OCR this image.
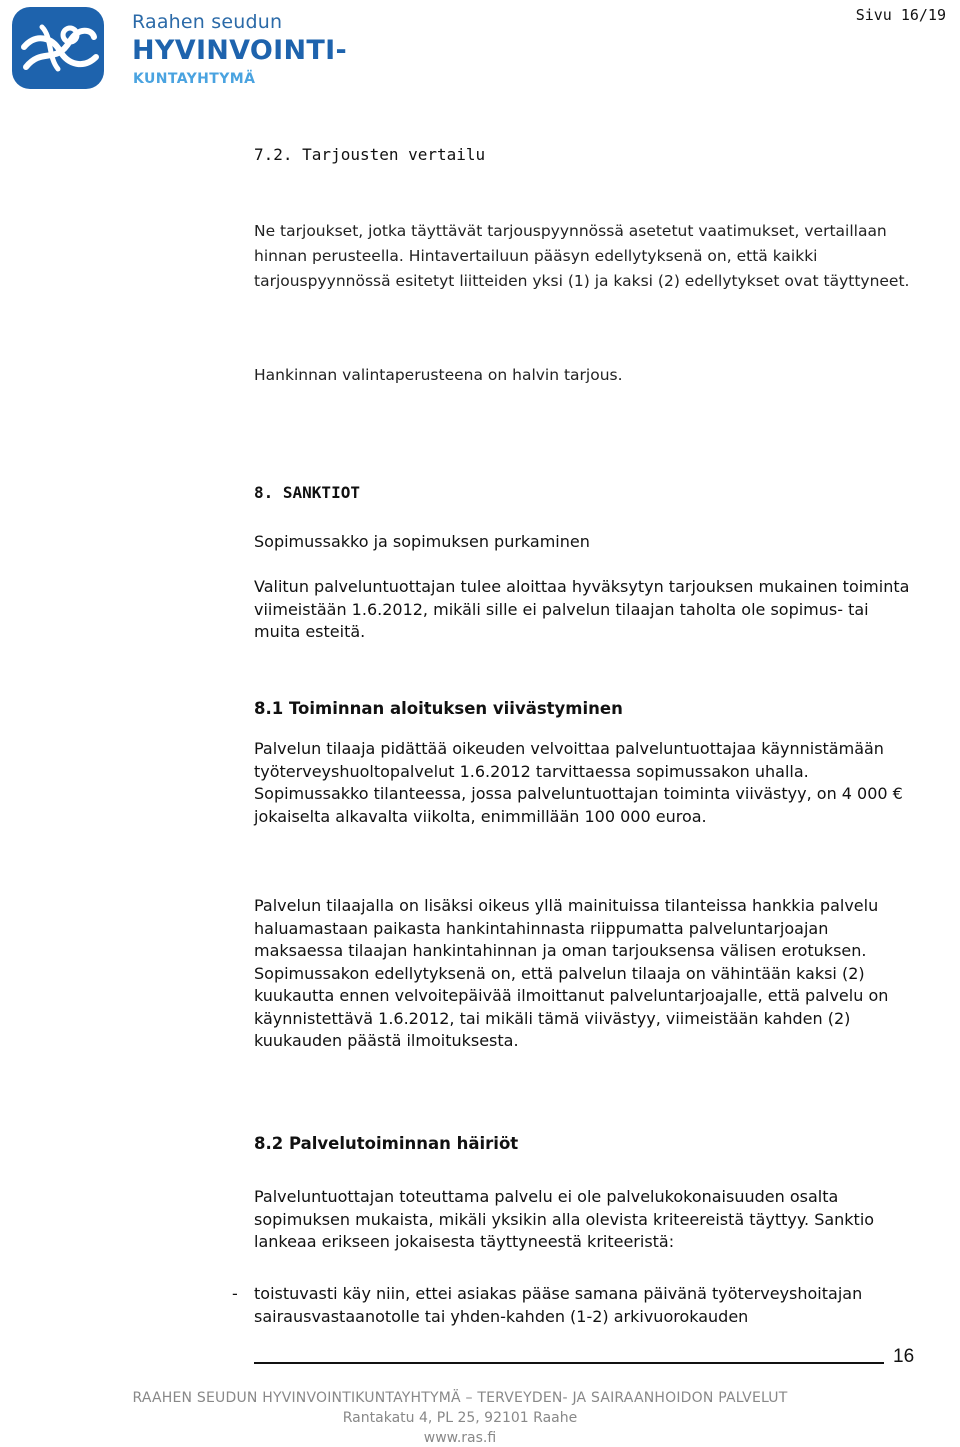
Sivu 16/19
Raahen seudun
HYVINVOINTI-
KUNTAYHTYMÄ
7.2. Tarjousten vertailu
Ne tarjoukset, jotka täyttävät tarjouspyynnössä asetetut vaatimukset, vertaillaan hinnan perusteella. Hintavertailuun pääsyn edellytyksenä on, että kaikki tarjouspyynnössä esitetyt liitteiden yksi (1) ja kaksi (2) edellytykset ovat täyttyneet.
Hankinnan valintaperusteena on halvin tarjous.
8. SANKTIOT
Sopimussakko ja sopimuksen purkaminen
Valitun palveluntuottajan tulee aloittaa hyväksytyn tarjouksen mukainen toiminta viimeistään 1.6.2012, mikäli sille ei palvelun tilaajan taholta ole sopimus- tai muita esteitä.
8.1 Toiminnan aloituksen viivästyminen
Palvelun tilaaja pidättää oikeuden velvoittaa palveluntuottajaa käynnistämään työterveyshuoltopalvelut 1.6.2012 tarvittaessa sopimussakon uhalla. Sopimussakko tilanteessa, jossa palveluntuottajan toiminta viivästyy, on 4 000 € jokaiselta alkavalta viikolta, enimmillään 100 000 euroa.
Palvelun tilaajalla on lisäksi oikeus yllä mainituissa tilanteissa hankkia palvelu haluamastaan paikasta hankintahinnasta riippumatta palveluntarjoajan maksaessa tilaajan hankintahinnan ja oman tarjouksensa välisen erotuksen. Sopimussakon edellytyksenä on, että palvelun tilaaja on vähintään kaksi (2) kuukautta ennen velvoitepäivää ilmoittanut palveluntarjoajalle, että palvelu on käynnistettävä 1.6.2012, tai mikäli tämä viivästyy, viimeistään kahden (2) kuukauden päästä ilmoituksesta.
8.2 Palvelutoiminnan häiriöt
Palveluntuottajan toteuttama palvelu ei ole palvelukokonaisuuden osalta sopimuksen mukaista, mikäli yksikin alla olevista kriteereistä täyttyy. Sanktio lankeaa erikseen jokaisesta täyttyneestä kriteeristä:
- toistuvasti käy niin, ettei asiakas pääse samana päivänä työterveyshoitajan sairausvastaanotolle tai yhden-kahden (1-2) arkivuorokauden
16
RAAHEN SEUDUN HYVINVOINTIKUNTAYHTYMÄ – TERVEYDEN- JA SAIRAANHOIDON PALVELUT
Rantakatu 4, PL 25, 92101 Raahe
www.ras.fi
